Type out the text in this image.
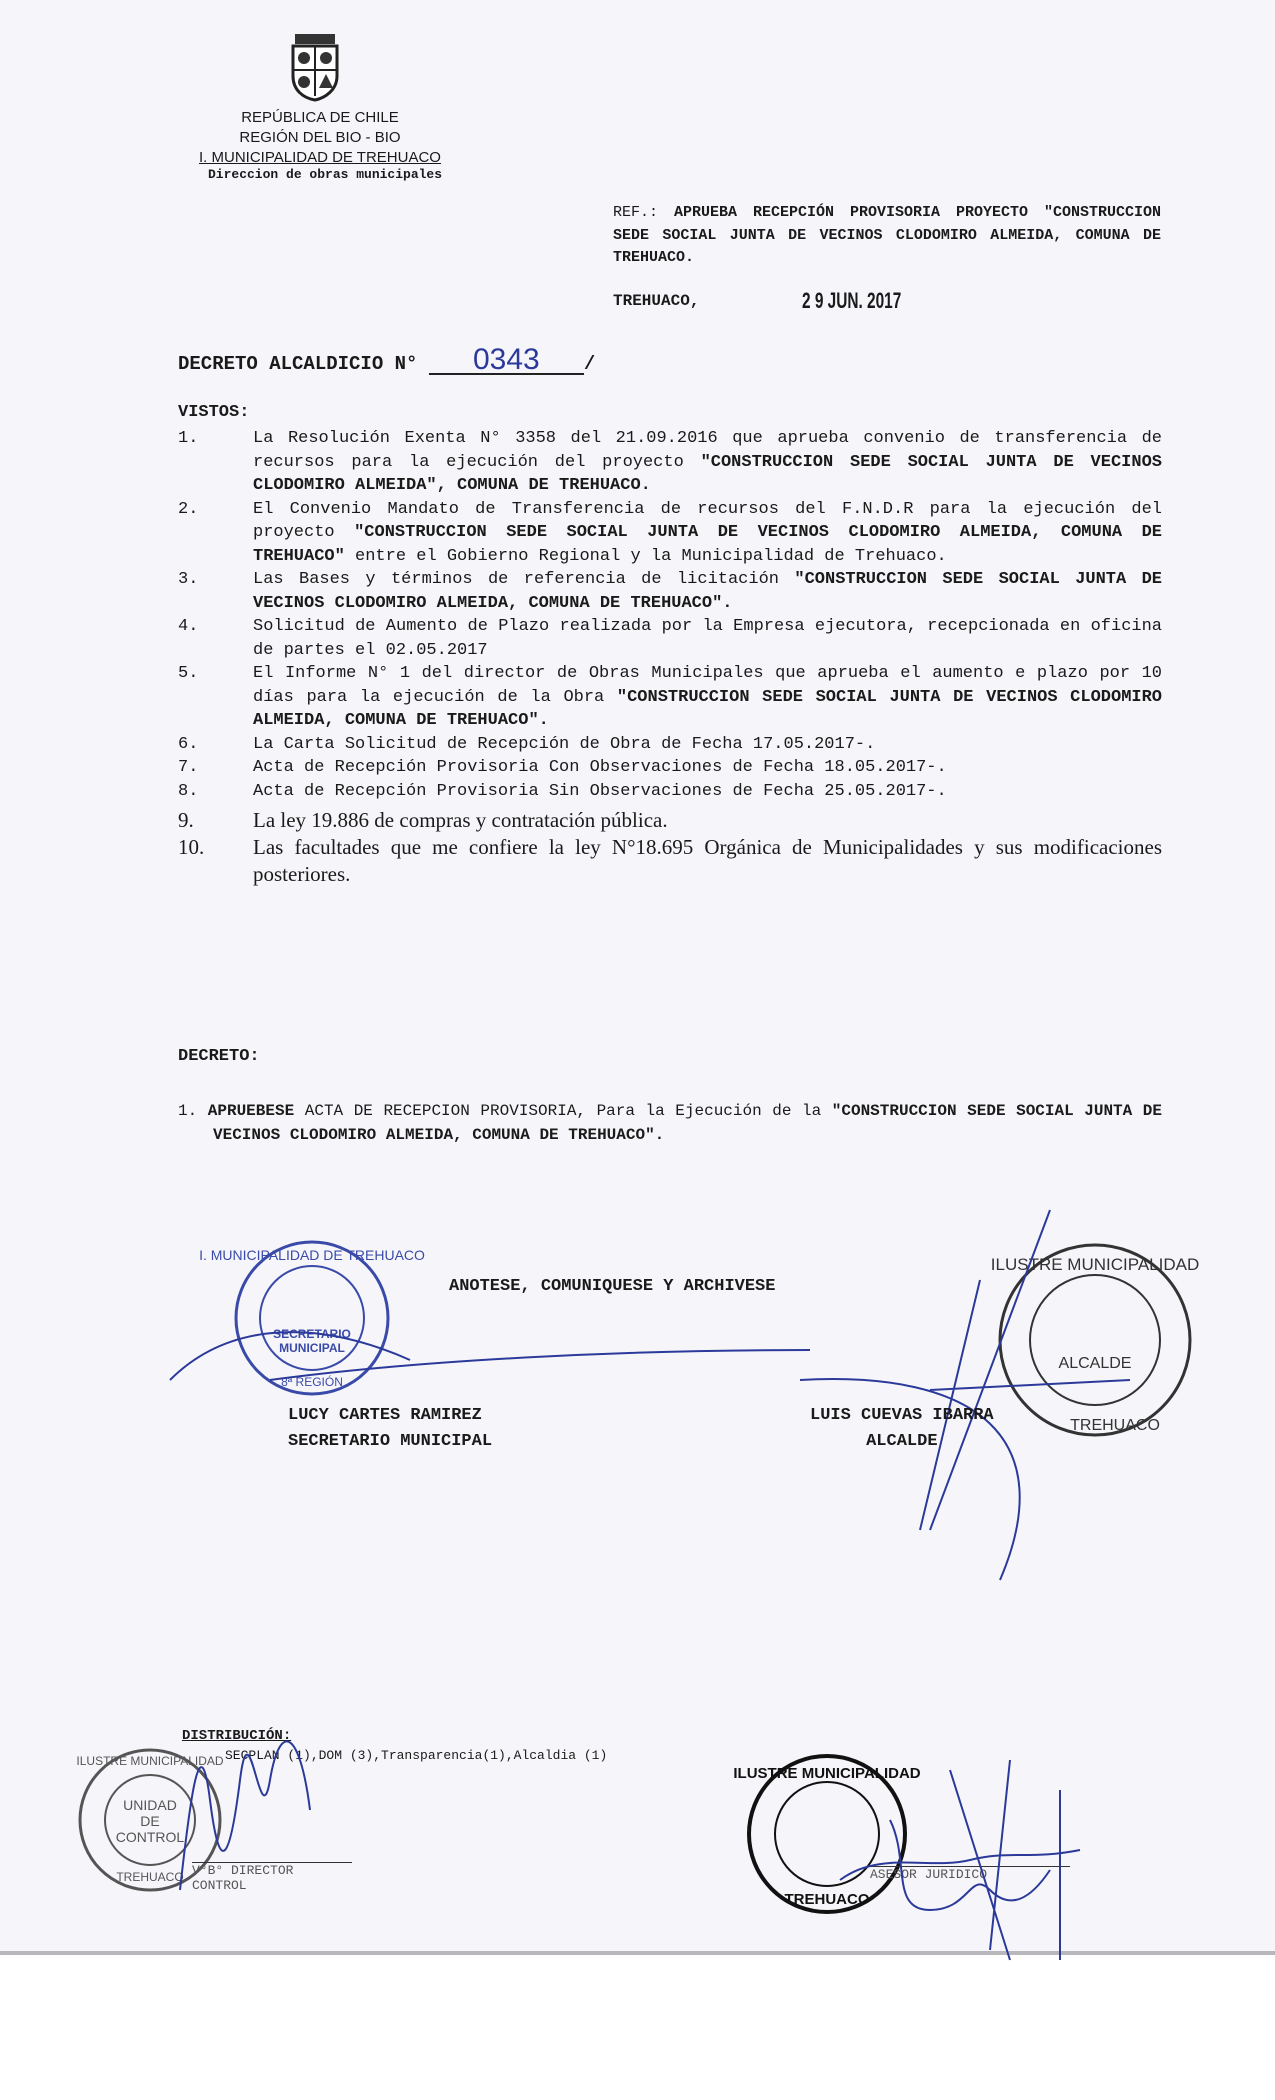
REPÚBLICA DE CHILE
REGIÓN DEL BIO - BIO
I. MUNICIPALIDAD DE TREHUACO
Direccion de obras municipales
REF.: APRUEBA RECEPCIÓN PROVISORIA PROYECTO "CONSTRUCCION SEDE SOCIAL JUNTA DE VECINOS CLODOMIRO ALMEIDA, COMUNA DE TREHUACO.
TREHUACO,	2 9 JUN. 2017
DECRETO ALCALDICIO N° 0343 /
VISTOS:
1.	La Resolución Exenta N° 3358 del 21.09.2016 que aprueba convenio de transferencia de recursos para la ejecución del proyecto "CONSTRUCCION SEDE SOCIAL JUNTA DE VECINOS CLODOMIRO ALMEIDA", COMUNA DE TREHUACO.
2.	El Convenio Mandato de Transferencia de recursos del F.N.D.R para la ejecución del proyecto "CONSTRUCCION SEDE SOCIAL JUNTA DE VECINOS CLODOMIRO ALMEIDA, COMUNA DE TREHUACO" entre el Gobierno Regional y la Municipalidad de Trehuaco.
3.	Las Bases y términos de referencia de licitación "CONSTRUCCION SEDE SOCIAL JUNTA DE VECINOS CLODOMIRO ALMEIDA, COMUNA DE TREHUACO".
4.	Solicitud de Aumento de Plazo realizada por la Empresa ejecutora, recepcionada en oficina de partes el 02.05.2017
5.	El Informe N° 1 del director de Obras Municipales que aprueba el aumento e plazo por 10 días para la ejecución de la Obra "CONSTRUCCION SEDE SOCIAL JUNTA DE VECINOS CLODOMIRO ALMEIDA, COMUNA DE TREHUACO".
6.	La Carta Solicitud de Recepción de Obra de Fecha 17.05.2017-.
7.	Acta de Recepción Provisoria Con Observaciones de Fecha 18.05.2017-.
8.	Acta de Recepción Provisoria Sin Observaciones de Fecha 25.05.2017-.
9.	La ley 19.886 de compras y contratación pública.
10.	Las facultades que me confiere la ley N°18.695 Orgánica de Municipalidades y sus modificaciones posteriores.
DECRETO:
1. APRUEBESE ACTA DE RECEPCION PROVISORIA, Para la Ejecución de la "CONSTRUCCION SEDE SOCIAL JUNTA DE VECINOS CLODOMIRO ALMEIDA, COMUNA DE TREHUACO".
ANOTESE, COMUNIQUESE Y ARCHIVESE
I. MUNICIPALIDAD DE TREHUACO
SECRETARIO
MUNICIPAL
8ª REGIÓN
ILUSTRE MUNICIPALIDAD
ALCALDE
TREHUACO
LUCY CARTES RAMIREZ
SECRETARIO MUNICIPAL
LUIS CUEVAS IBARRA
ALCALDE
DISTRIBUCIÓN:
SECPLAN (1),DOM (3),Transparencia(1),Alcaldia (1)
ILUSTRE MUNICIPALIDAD
UNIDAD
DE
CONTROL
TREHUACO V°B° DIRECTOR CONTROL
ILUSTRE MUNICIPALIDAD
TREHUACO
ASESOR JURIDICO
